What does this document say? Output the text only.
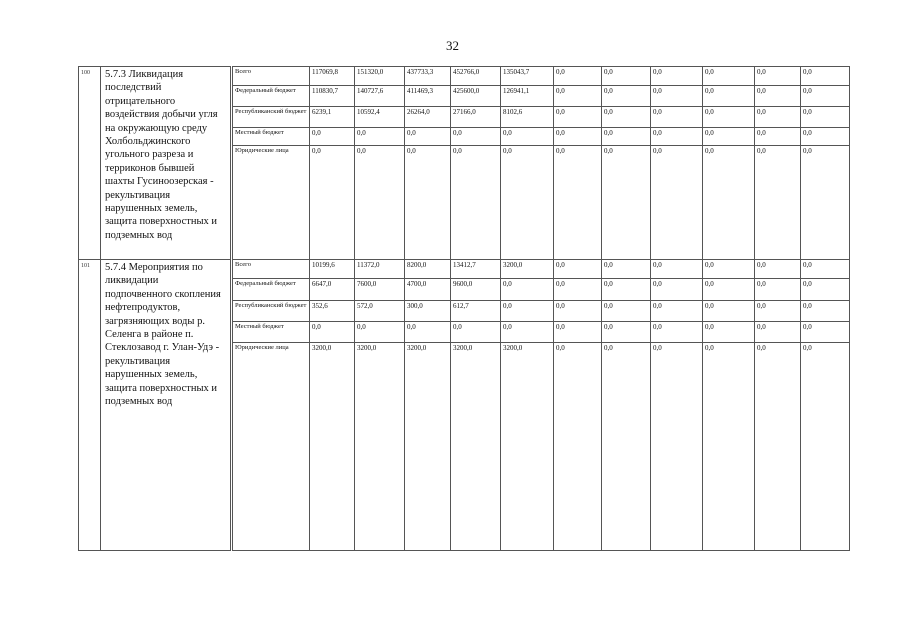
32
100	5.7.3 Ликвидация последствий отрицательного воздействия добычи угля на окружающую среду Холбольджинского угольного разреза и терриконов бывшей шахты Гусиноозерская - рекультивация нарушенных земель, защита поверхностных и подземных вод	Всего	117069,8	151320,0	437733,3	452766,0	135043,7	0,0	0,0	0,0	0,0	0,0	0,0
		Федеральный бюджет	110830,7	140727,6	411469,3	425600,0	126941,1	0,0	0,0	0,0	0,0	0,0	0,0
		Республиканский бюджет	6239,1	10592,4	26264,0	27166,0	8102,6	0,0	0,0	0,0	0,0	0,0	0,0
		Местный бюджет	0,0	0,0	0,0	0,0	0,0	0,0	0,0	0,0	0,0	0,0	0,0
		Юридические лица	0,0	0,0	0,0	0,0	0,0	0,0	0,0	0,0	0,0	0,0	0,0
101	5.7.4 Мероприятия по ликвидации подпочвенного скопления нефтепродуктов, загрязняющих воды р. Селенга в районе п. Стеклозавод г. Улан-Удэ - рекультивация нарушенных земель, защита поверхностных и подземных вод	Всего	10199,6	11372,0	8200,0	13412,7	3200,0	0,0	0,0	0,0	0,0	0,0	0,0
		Федеральный бюджет	6647,0	7600,0	4700,0	9600,0	0,0	0,0	0,0	0,0	0,0	0,0	0,0
		Республиканский бюджет	352,6	572,0	300,0	612,7	0,0	0,0	0,0	0,0	0,0	0,0	0,0
		Местный бюджет	0,0	0,0	0,0	0,0	0,0	0,0	0,0	0,0	0,0	0,0	0,0
		Юридические лица	3200,0	3200,0	3200,0	3200,0	3200,0	0,0	0,0	0,0	0,0	0,0	0,0
